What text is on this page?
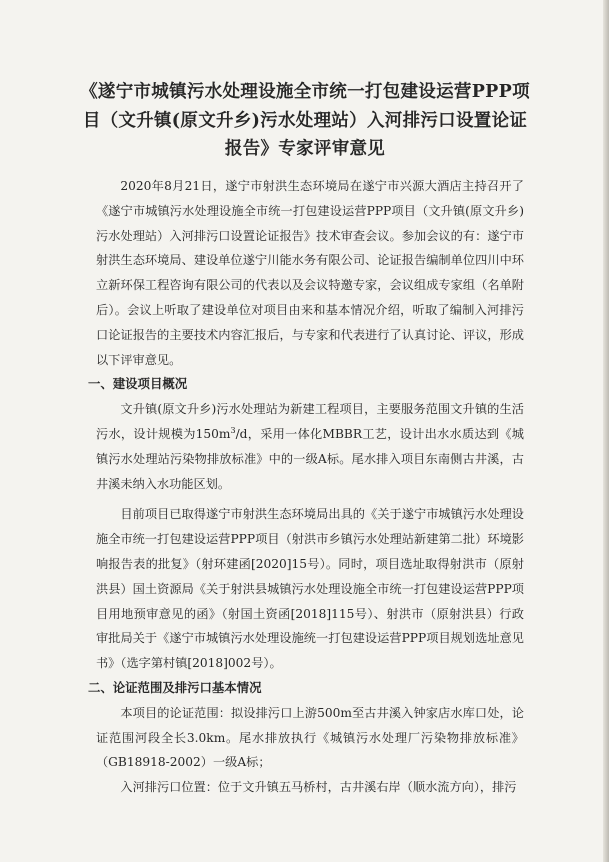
《遂宁市城镇污水处理设施全市统一打包建设运营PPP项目（文升镇(原文升乡)污水处理站）入河排污口设置论证报告》专家评审意见

2020年8月21日，遂宁市射洪生态环境局在遂宁市兴源大酒店主持召开了《遂宁市城镇污水处理设施全市统一打包建设运营PPP项目（文升镇(原文升乡)污水处理站）入河排污口设置论证报告》技术审查会议。参加会议的有：遂宁市射洪生态环境局、建设单位遂宁川能水务有限公司、论证报告编制单位四川中环立新环保工程咨询有限公司的代表以及会议特邀专家，会议组成专家组（名单附后）。会议上听取了建设单位对项目由来和基本情况介绍，听取了编制入河排污口论证报告的主要技术内容汇报后，与专家和代表进行了认真讨论、评议，形成以下评审意见。

一、建设项目概况

文升镇(原文升乡)污水处理站为新建工程项目，主要服务范围文升镇的生活污水，设计规模为$150m^3/d$，采用一体化MBBR工艺，设计出水水质达到《城镇污水处理站污染物排放标准》中的一级A标。尾水排入项目东南侧古井溪，古井溪未纳入水功能区划。

目前项目已取得遂宁市射洪生态环境局出具的《关于遂宁市城镇污水处理设施全市统一打包建设运营PPP项目（射洪市乡镇污水处理站新建第二批）环境影响报告表的批复》（射环建函[2020]15号）。同时，项目选址取得射洪市（原射洪县）国土资源局《关于射洪县城镇污水处理设施全市统一打包建设运营PPP项目用地预审意见的函》（射国土资函[2018]115号）、射洪市（原射洪县）行政审批局关于《遂宁市城镇污水处理设施统一打包建设运营PPP项目规划选址意见书》（选字第村镇[2018]002号）。

二、论证范围及排污口基本情况

本项目的论证范围：拟设排污口上游500m至古井溪入钟家店水库口处，论证范围河段全长3.0km。尾水排放执行《城镇污水处理厂污染物排放标准》（GB18918-2002）一级A标；

入河排污口位置：位于文升镇五马桥村，古井溪右岸（顺水流方向），排污
